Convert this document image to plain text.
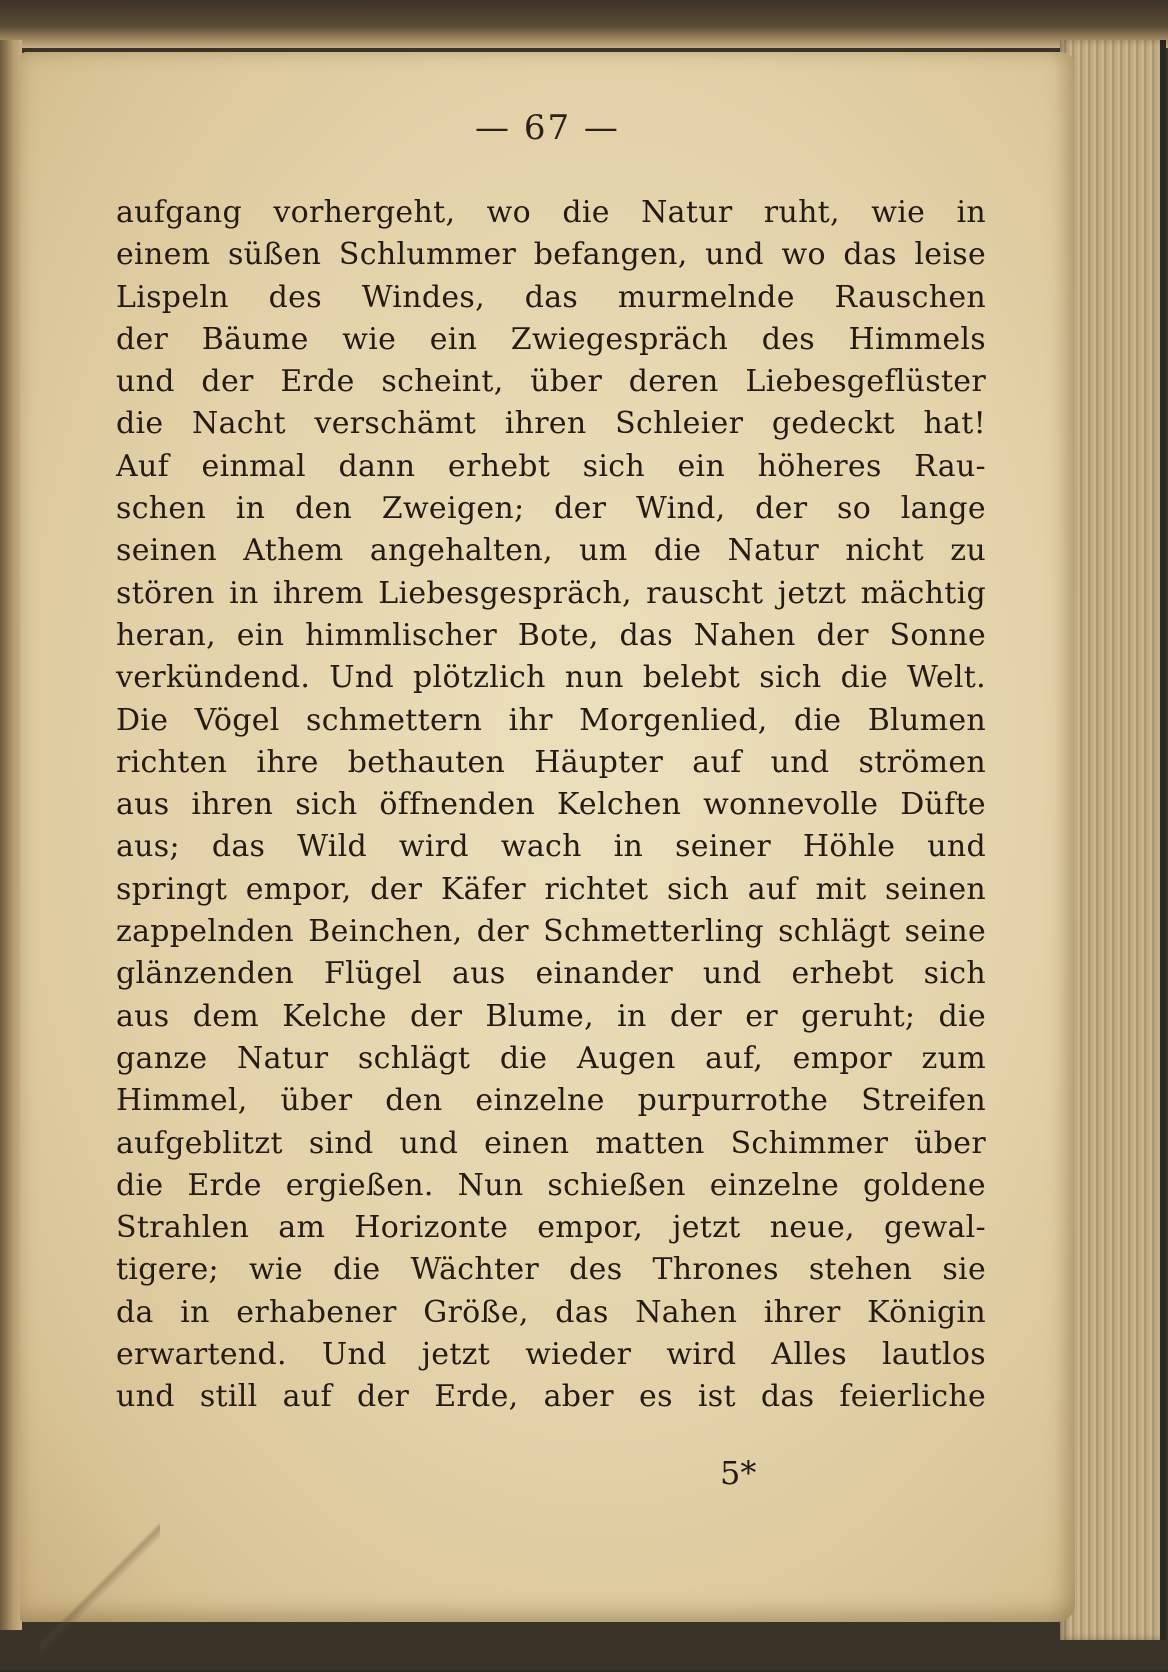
— 67 —
aufgang vorhergeht, wo die Natur ruht, wie in
einem süßen Schlummer befangen, und wo das leise
Lispeln des Windes, das murmelnde Rauschen
der Bäume wie ein Zwiegespräch des Himmels
und der Erde scheint, über deren Liebesgeflüster
die Nacht verschämt ihren Schleier gedeckt hat!
Auf einmal dann erhebt sich ein höheres Rau-
schen in den Zweigen; der Wind, der so lange
seinen Athem angehalten, um die Natur nicht zu
stören in ihrem Liebesgespräch, rauscht jetzt mächtig
heran, ein himmlischer Bote, das Nahen der Sonne
verkündend. Und plötzlich nun belebt sich die Welt.
Die Vögel schmettern ihr Morgenlied, die Blumen
richten ihre bethauten Häupter auf und strömen
aus ihren sich öffnenden Kelchen wonnevolle Düfte
aus; das Wild wird wach in seiner Höhle und
springt empor, der Käfer richtet sich auf mit seinen
zappelnden Beinchen, der Schmetterling schlägt seine
glänzenden Flügel aus einander und erhebt sich
aus dem Kelche der Blume, in der er geruht; die
ganze Natur schlägt die Augen auf, empor zum
Himmel, über den einzelne purpurrothe Streifen
aufgeblitzt sind und einen matten Schimmer über
die Erde ergießen. Nun schießen einzelne goldene
Strahlen am Horizonte empor, jetzt neue, gewal-
tigere; wie die Wächter des Thrones stehen sie
da in erhabener Größe, das Nahen ihrer Königin
erwartend. Und jetzt wieder wird Alles lautlos
und still auf der Erde, aber es ist das feierliche
5*
